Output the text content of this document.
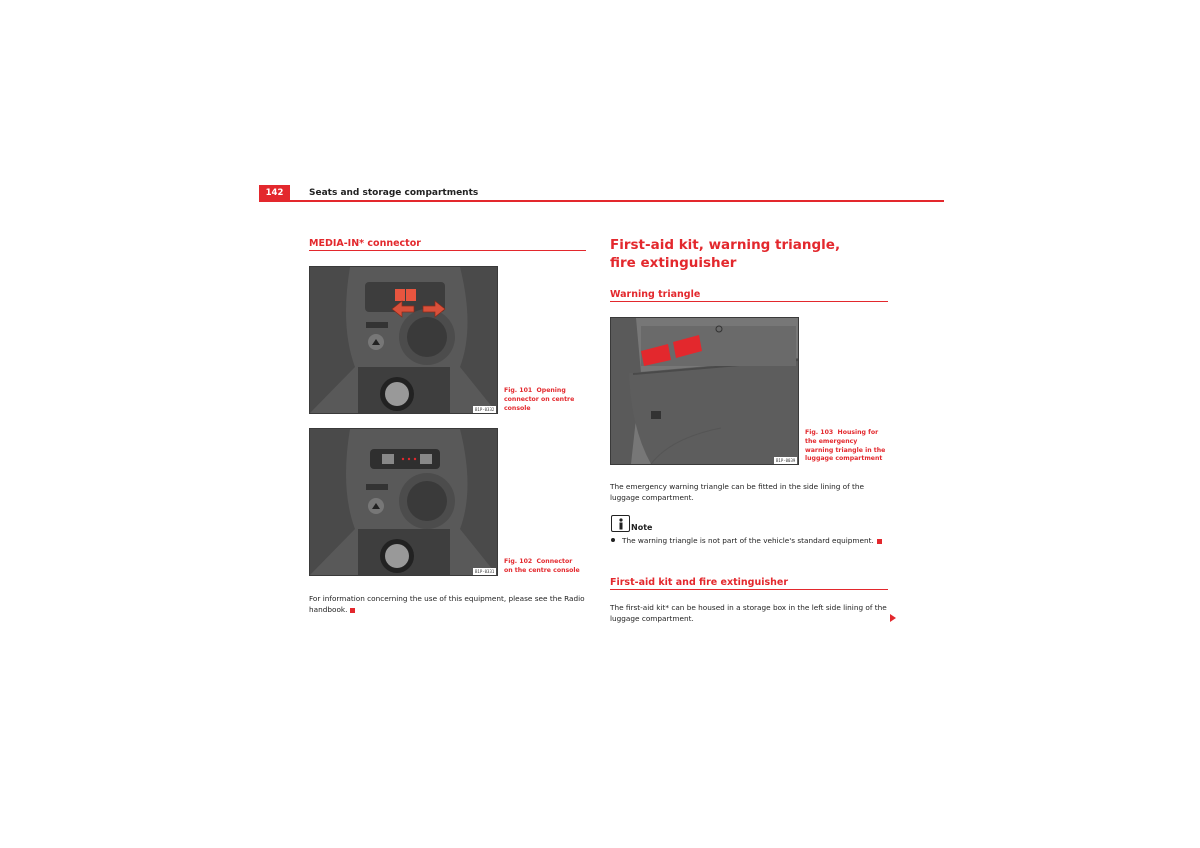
142	Seats and storage compartments
MEDIA-IN* connector
B1P-0332
Fig. 101 Opening connector on centre console
B1P-0331
Fig. 102 Connector on the centre console
For information concerning the use of this equipment, please see the Radio handbook.
First-aid kit, warning triangle, fire extinguisher
Warning triangle
B1P-0039
Fig. 103 Housing for the emergency warning triangle in the luggage compartment
The emergency warning triangle can be fitted in the side lining of the luggage compartment.
Note
The warning triangle is not part of the vehicle's standard equipment.
First-aid kit and fire extinguisher
The first-aid kit* can be housed in a storage box in the left side lining of the luggage compartment.
